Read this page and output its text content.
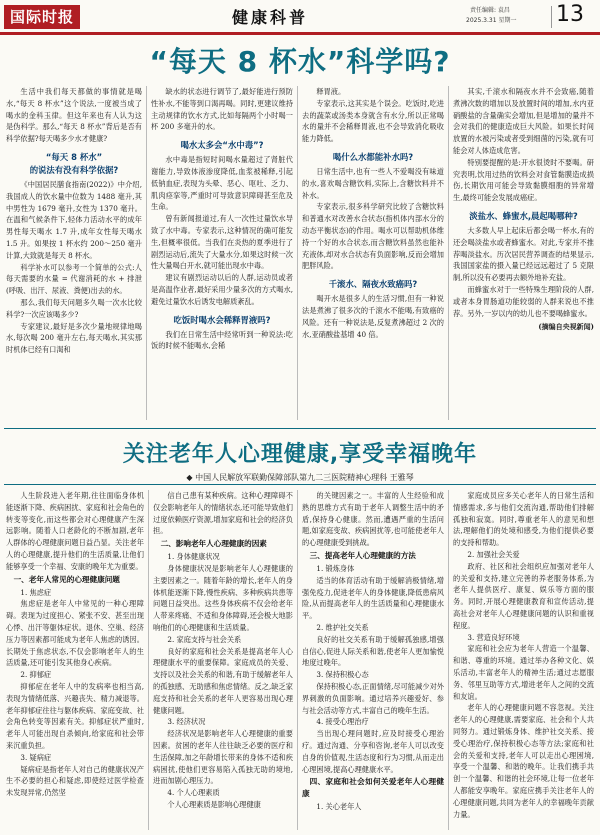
国际时报	健康科普	责任编辑: 袁昌
2025.3.31 星期一 13
“每天 8 杯水”科学吗?

生活中我们每天都做的事情就是喝水,“每天 8 杯水”这个说法,一度被当成了喝水的金科玉律。但这年来也有人认为这是伪科学。那么,“每天 8 杯水”背后是否有科学依据?每天喝多少水才健康?

“每天 8 杯水”
的说法有没有科学依据?

《中国居民膳食指南(2022)》中介绍,我国成人的饮水量中位数为 1488 毫升,其中男性为 1679 毫升,女性为 1370 毫升。在温和气候条件下,轻体力活动水平的成年男性每天喝水 1.7 升,成年女性每天喝水 1.5 升。如果按 1 杯水约 200～250 毫升计算,大致就是每天 8 杯水。

科学补水可以参考一个简单的公式:人每天需要的水量 = 代谢消耗的水 + 排泄(呼吸、出汗、尿液、粪便)出去的水。

那么,我们每天问题多久喝一次水比较科学?一次应该喝多少?

专家建议,最好是多次少量地规律地喝水,每次喝 200 毫升左右,每天喝水,其实那时机体已经有口渴和

缺水的状态进行调节了,最好能进行预防性补水,不能等到口渴再喝。同时,更建议维持主动规律的饮水方式,比如每隔两个小时喝一杯 200 多毫升的水。

喝水太多会“水中毒”?

水中毒是指短时间喝水量超过了肾脏代谢能力,导致体液渗度降低,血浆被稀释,引起低钠血症,表现为头晕、恶心、呕吐、乏力、肌肉痉挛等,严重时可导致意识障碍甚至危及生命。

曾有新闻报道过,有人一次性过量饮水导致了水中毒。专家表示,这种情况的确可能发生,但概率很低。当我们在炎热的夏季进行了剧烈运动后,流失了大量水分,如果这时候一次性大量喝白开水,就可能出现水中毒。

建议有剧烈运动以后的人群,运动员或者是高温作业者,最好采用少量多次的方式喝水,避免过量饮水后诱发电解质紊乱。

吃饭时喝水会稀释胃液吗?

我们在日常生活中经常听到一种说法:吃饭的时候不能喝水,会稀

释胃液。

专家表示,这其实是个误会。吃饭时,吃进去的蔬菜或汤类本身就含有水分,所以正常喝水的量并不会稀释胃液,也不会导致消化吸收能力降低。

喝什么水都能补水吗?

日常生活中,也有一些人不爱喝没有味道的水,喜欢喝含糖饮料,实际上,含糖饮料并不补水。

专家表示,很多科学研究比较了含糖饮料和普通水对改善水合状态(指机体内部水分的动态平衡状态)的作用。喝水可以帮助机体维持一个好的水合状态,而含糖饮料虽然也能补充液体,却对水合状态有负面影响,反而会增加肥胖风险。

千滚水、隔夜水致癌吗?

喝开水是很多人的生活习惯,但有一种说法是煮沸了很多次的千滚水不能喝,有致癌的风险。还有一种说法是,反复煮沸超过 2 次的水,亚硝酸盐基增 40 倍。

其实,千滚水和隔夜水并不会致癌,随着煮沸次数的增加以及放置时间的增加,水内亚硝酸盐的含量确实会增加,但是增加的量并不会对我们的健康造成巨大风险。如果长时间放置的水被污染或者受到细菌的污染,就有可能会对人体造成危害。

特别要提醒的是:开水很烫时不要喝。研究表明,饮用过热的饮料会对食管黏膜造成损伤,长期饮用可能会导致黏膜细胞的异常增生,最终可能会发展成癌症。

淡盐水、蜂蜜水,晨起喝哪种?

大多数人早上起床后都会喝一杯水,有的还会喝淡盐水或者蜂蜜水。对此,专家并不推荐喝淡盐水。历次居民营养调查的结果显示,我国国家盐的摄入量已经远远超过了 5 克限制,所以没有必要再去额外地补充盐。

而蜂蜜水对于一些特殊生理阶段的人群,或者本身胃肠道功能较弱的人群来说也不推荐。另外,一岁以内的幼儿也不要喝蜂蜜水。

(摘编自央视新闻)
关注老年人心理健康,享受幸福晚年
◆ 中国人民解放军联勤保障部队第九二三医院精神心理科 王雅琴

人生阶段进入老年期,往往面临身体机能逐渐下降、疾病困扰、家庭和社会角色的转变等变化,而这些都会对心理健康产生深远影响。随着人口老龄化的不断加剧,老年人群体的心理健康问题日益凸显。关注老年人的心理健康,提升他们的生活质量,让他们能够享受一个幸福、安康的晚年尤为重要。

一、老年人常见的心理健康问题
1. 焦虑症

焦虑症是老年人中常见的一种心理障碍。表现为过度担心、紧张不安、甚至出现心悸、出汗等躯体症状。退休、空巢、经济压力等因素都可能成为老年人焦虑的诱因。长期处于焦虑状态,不仅会影响老年人的生活质量,还可能引发其他身心疾病。

2. 抑郁症

抑郁症在老年人中的发病率也相当高,表现为情绪低落、兴趣丧失、精力减退等。老年抑郁症往往与躯体疾病、家庭变故、社会角色转变等因素有关。抑郁症状严重时,老年人可能出现自杀倾向,给家庭和社会带来沉重负担。

3. 疑病症

疑病症是指老年人对自己的健康状况产生不必要的担心和疑虑,即使经过医学检查未发现异常,仍然坚

信自己患有某种疾病。这种心理障碍不仅会影响老年人的情绪状态,还可能导致他们过度依赖医疗资源,增加家庭和社会的经济负担。

二、影响老年人心理健康的因素
1. 身体健康状况

身体健康状况是影响老年人心理健康的主要因素之一。随着年龄的增长,老年人的身体机能逐渐下降,慢性疾病、多种疾病共患等问题日益突出。这些身体疾病不仅会给老年人带来疼痛、不适和身体障碍,还会极大地影响他们的心理健康和生活质量。

2. 家庭支持与社会关系

良好的家庭和社会关系是提高老年人心理健康水平的重要保障。家庭成员的关爱、支持以及社会关系的和谐,有助于缓解老年人的孤独感、无助感和焦虑情绪。反之,缺乏家庭支持和社会关系的老年人更容易出现心理健康问题。

3. 经济状况

经济状况是影响老年人心理健康的重要因素。贫困的老年人往往缺乏必要的医疗和生活保障,加之年龄增长带来的身体不适和疾病困扰,使他们更容易陷入孤独无助的境地,进而加剧心理压力。

4. 个人心理素质

个人心理素质是影响心理健康

的关键因素之一。丰富的人生经验和成熟的思维方式有助于老年人调整生活中的矛盾,保持身心健康。然而,遭遇严重的生活问题,如家庭变故、疾病困扰等,也可能使老年人的心理健康受到挑战。

三、提高老年人心理健康的方法
1. 锻炼身体

适当的体育活动有助于缓解消极情绪,增强免疫力,促进老年人的身体健康,降低患病风险,从而提高老年人的生活质量和心理健康水平。

2. 维护社交关系

良好的社交关系有助于缓解孤独感,增强自信心,促进人际关系和谐,使老年人更加愉悦地度过晚年。

3. 保持积极心态

保持积极心态,正面情绪,尽可能减少对外界刺激的负面影响。通过培养兴趣爱好、参与社会活动等方式,丰富自己的晚年生活。

4. 接受心理治疗

当出现心理问题时,应及时接受心理治疗。通过沟通、分享和咨询,老年人可以改变自身的价值观,生活态度和行为习惯,从而走出心理困境,提高心理健康水平。

四、家庭和社会如何关爱老年人心理健康
1. 关心老年人

家庭成员应多关心老年人的日常生活和情感需求,多与他们交流沟通,帮助他们排解孤独和寂寞。同时,尊重老年人的意见和想法,理解他们的处境和感受,为他们提供必要的支持和帮助。

2. 加强社会关爱

政府、社区和社会组织应加强对老年人的关爱和支持,建立完善的养老服务体系,为老年人提供医疗、康复、娱乐等方面的服务。同时,开展心理健康教育和宣传活动,提高社会对老年人心理健康问题的认识和重视程度。

3. 营造良好环境

家庭和社会应为老年人营造一个温馨、和谐、尊重的环境。通过举办各种文化、娱乐活动,丰富老年人的精神生活;通过志愿服务、邻里互助等方式,增进老年人之间的交流和友谊。

老年人的心理健康问题不容忽视。关注老年人的心理健康,需要家庭、社会和个人共同努力。通过锻炼身体、维护社交关系、接受心理治疗,保持积极心态等方法;家庭和社会的关爱和支持,老年人可以走出心理困境,享受一个温馨、和谐的晚年。让我们携手共创一个温馨、和谐的社会环境,让每一位老年人都能安享晚年。家庭应携手关注老年人的心理健康问题,共同为老年人的幸福晚年贡献力量。
